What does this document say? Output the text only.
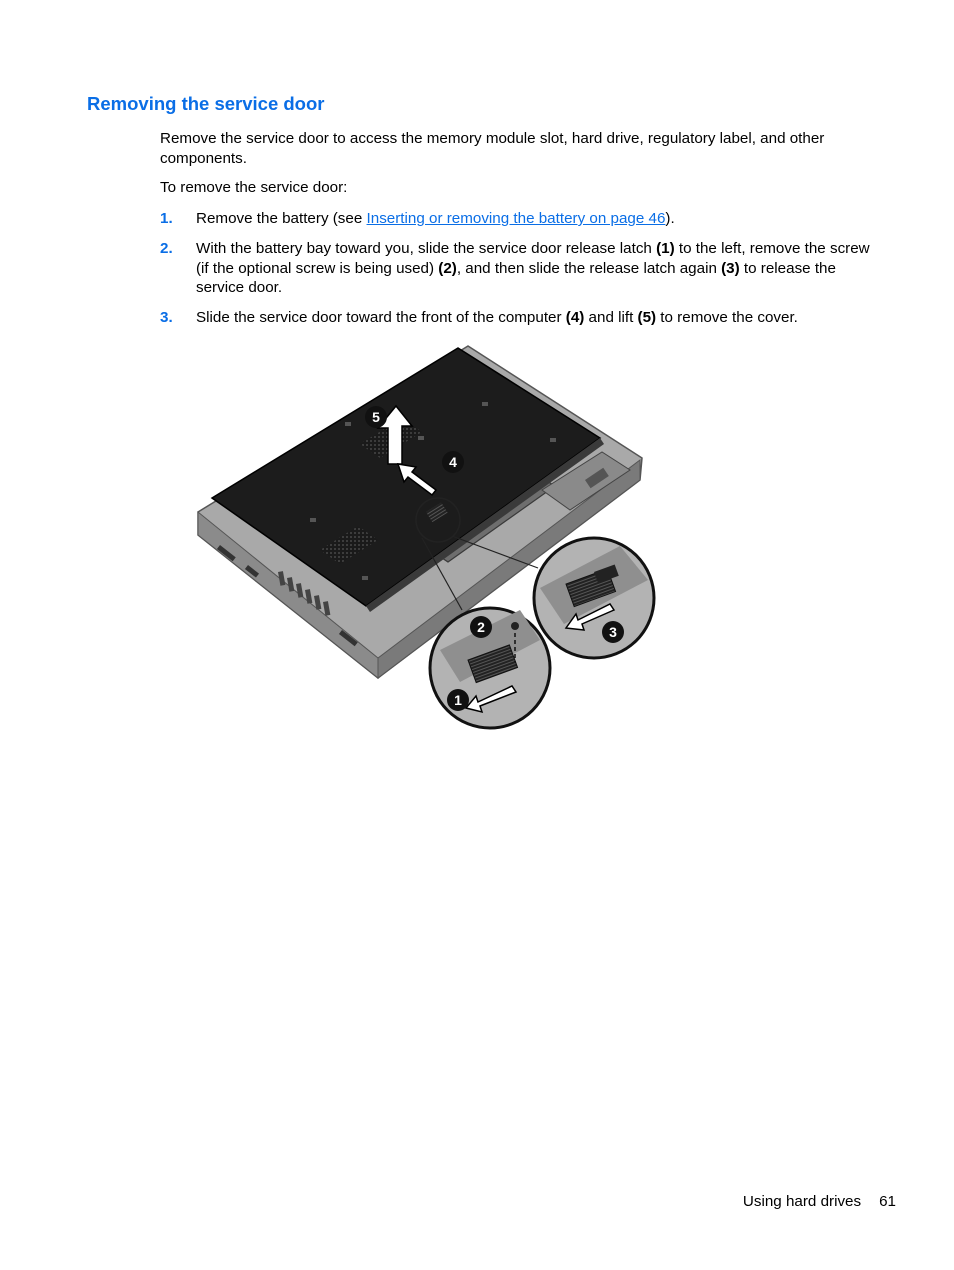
Removing the service door

Remove the service door to access the memory module slot, hard drive, regulatory label, and other components.

To remove the service door:

1. Remove the battery (see Inserting or removing the battery on page 46).
2. With the battery bay toward you, slide the service door release latch (1) to the left, remove the screw (if the optional screw is being used) (2), and then slide the release latch again (3) to release the service door.
3. Slide the service door toward the front of the computer (4) and lift (5) to remove the cover.
5
4
2
1
3
Using hard drives 61
